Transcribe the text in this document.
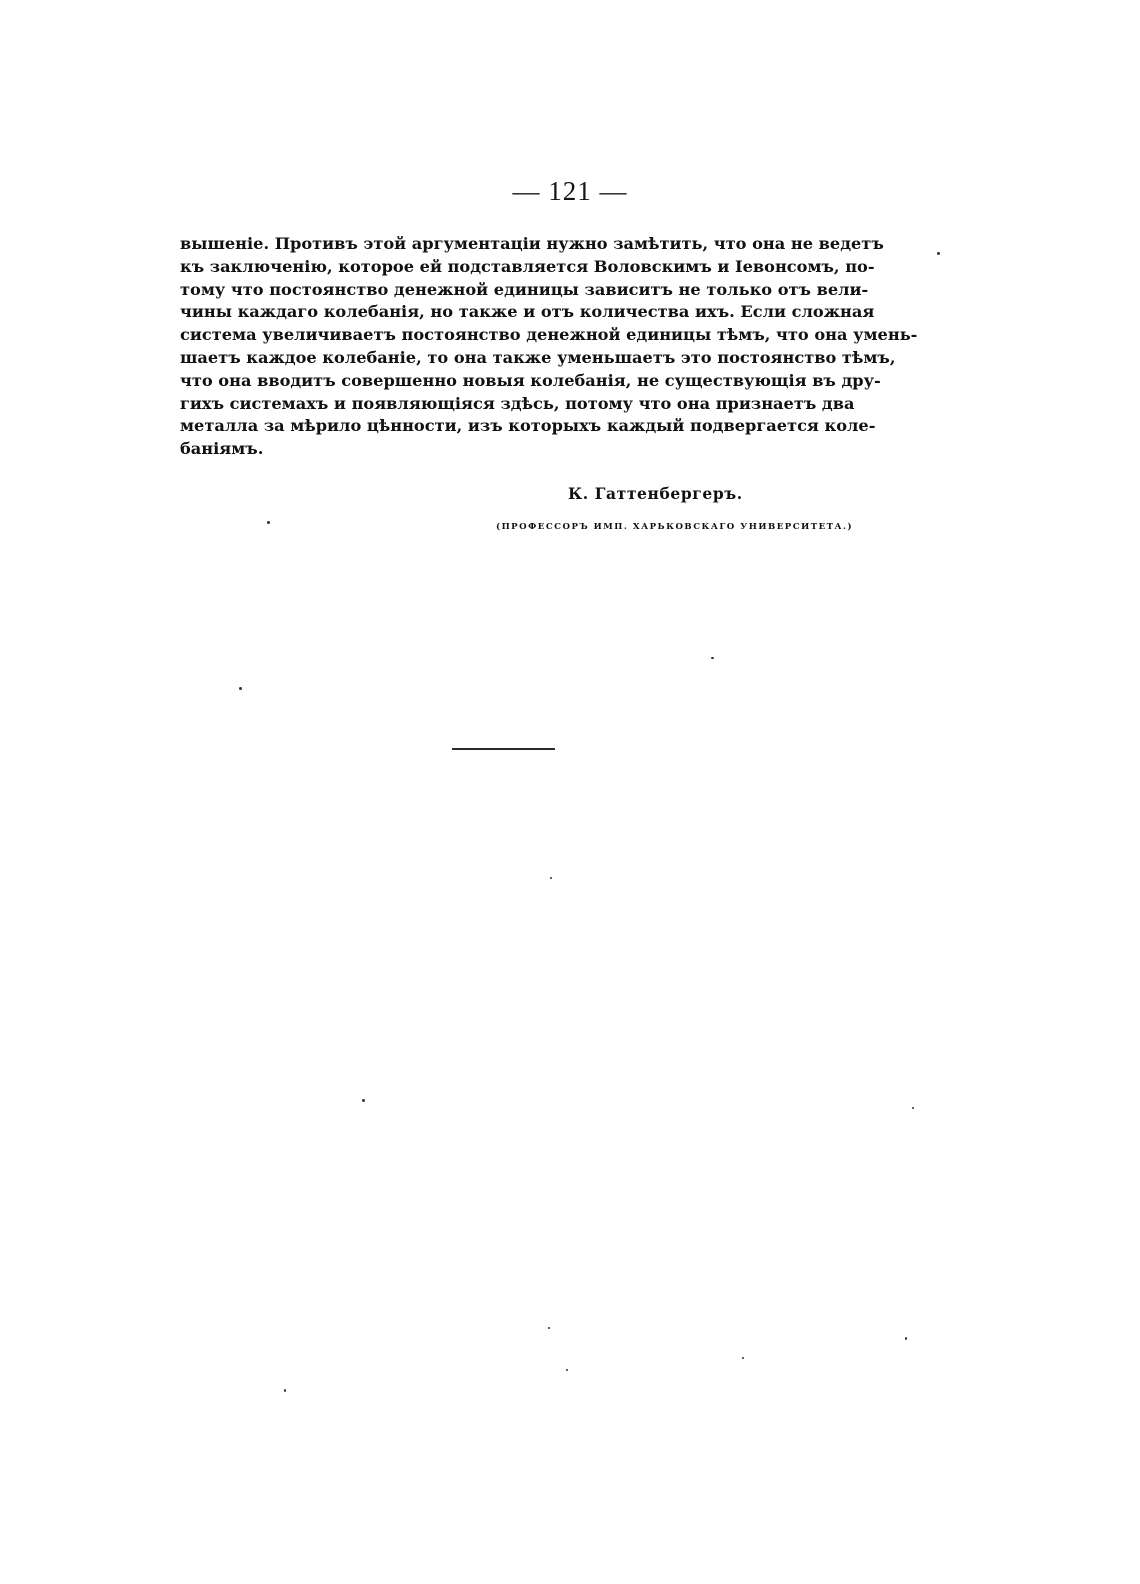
— 121 —
вышеніе. Противъ этой аргументаціи нужно замѣтить, что она не ведетъ
къ заключенію, которое ей подставляется Воловскимъ и Іевонсомъ, по-
тому что постоянство денежной единицы зависитъ не только отъ вели-
чины каждаго колебанія, но также и отъ количества ихъ. Если сложная
система увеличиваетъ постоянство денежной единицы тѣмъ, что она умень-
шаетъ каждое колебаніе, то она также уменьшаетъ это постоянство тѣмъ,
что она вводитъ совершенно новыя колебанія, не существующія въ дру-
гихъ системахъ и появляющіяся здѣсь, потому что она признаетъ два
металла за мѣрило цѣнности, изъ которыхъ каждый подвергается коле-
баніямъ.
К. Гаттенбергеръ.
(ПРОФЕССОРЪ ИМП. ХАРЬКОВСКАГО УНИВЕРСИТЕТА.)
